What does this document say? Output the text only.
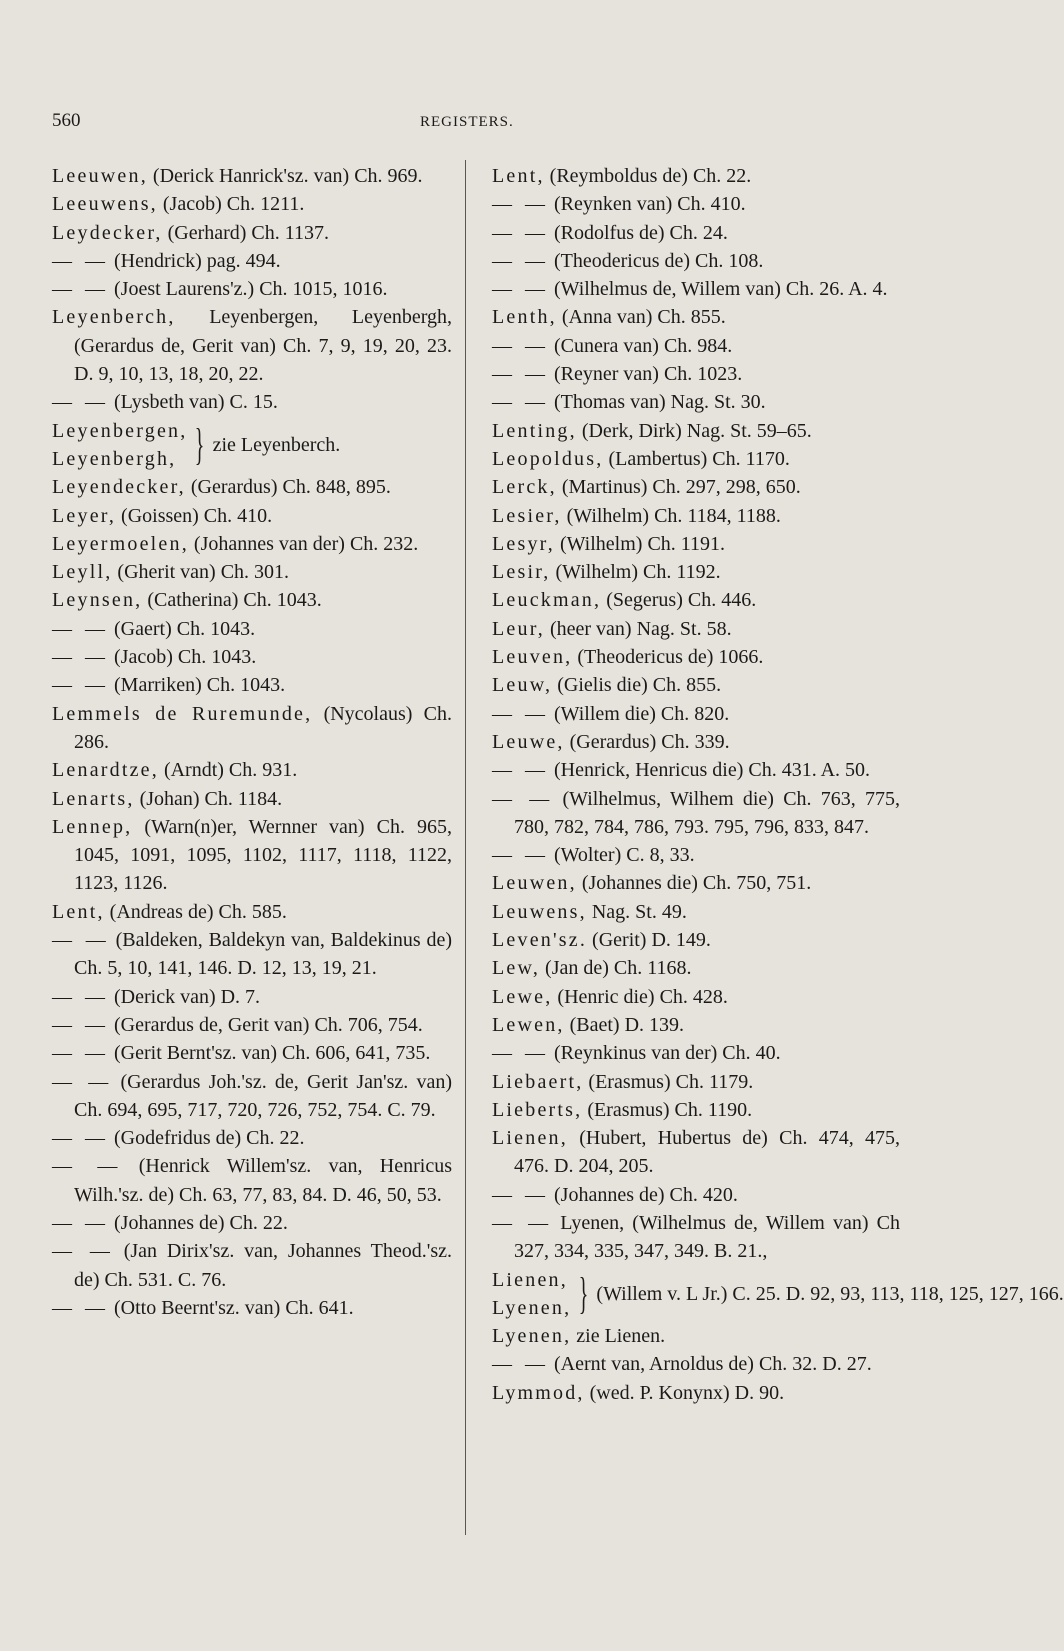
560	REGISTERS.
Leeuwen, (Derick Hanrick'sz. van) Ch. 969.
Leeuwens, (Jacob) Ch. 1211.
Leydecker, (Gerhard) Ch. 1137.
— — (Hendrick) pag. 494.
— — (Joest Laurens'z.) Ch. 1015, 1016.
Leyenberch, Leyenbergen, Leyenbergh, (Gerardus de, Gerit van) Ch. 7, 9, 19, 20, 23. D. 9, 10, 13, 18, 20, 22.
— — (Lysbeth van) C. 15.
Leyenbergen,
Leyenbergh, } zie Leyenberch.
Leyendecker, (Gerardus) Ch. 848, 895.
Leyer, (Goissen) Ch. 410.
Leyermoelen, (Johannes van der) Ch. 232.
Leyll, (Gherit van) Ch. 301.
Leynsen, (Catherina) Ch. 1043.
— — (Gaert) Ch. 1043.
— — (Jacob) Ch. 1043.
— — (Marriken) Ch. 1043.
Lemmels de Ruremunde, (Nycolaus) Ch. 286.
Lenardtze, (Arndt) Ch. 931.
Lenarts, (Johan) Ch. 1184.
Lennep, (Warn(n)er, Wernner van) Ch. 965, 1045, 1091, 1095, 1102, 1117, 1118, 1122, 1123, 1126.
Lent, (Andreas de) Ch. 585.
— — (Baldeken, Baldekyn van, Baldekinus de) Ch. 5, 10, 141, 146. D. 12, 13, 19, 21.
— — (Derick van) D. 7.
— — (Gerardus de, Gerit van) Ch. 706, 754.
— — (Gerit Bernt'sz. van) Ch. 606, 641, 735.
— — (Gerardus Joh.'sz. de, Gerit Jan'sz. van) Ch. 694, 695, 717, 720, 726, 752, 754. C. 79.
— — (Godefridus de) Ch. 22.
— — (Henrick Willem'sz. van, Henricus Wilh.'sz. de) Ch. 63, 77, 83, 84. D. 46, 50, 53.
— — (Johannes de) Ch. 22.
— — (Jan Dirix'sz. van, Johannes Theod.'sz. de) Ch. 531. C. 76.
— — (Otto Beernt'sz. van) Ch. 641.
Lent, (Reymboldus de) Ch. 22.
— — (Reynken van) Ch. 410.
— — (Rodolfus de) Ch. 24.
— — (Theodericus de) Ch. 108.
— — (Wilhelmus de, Willem van) Ch. 26. A. 4.
Lenth, (Anna van) Ch. 855.
— — (Cunera van) Ch. 984.
— — (Reyner van) Ch. 1023.
— — (Thomas van) Nag. St. 30.
Lenting, (Derk, Dirk) Nag. St. 59–65.
Leopoldus, (Lambertus) Ch. 1170.
Lerck, (Martinus) Ch. 297, 298, 650.
Lesier, (Wilhelm) Ch. 1184, 1188.
Lesyr, (Wilhelm) Ch. 1191.
Lesir, (Wilhelm) Ch. 1192.
Leuckman, (Segerus) Ch. 446.
Leur, (heer van) Nag. St. 58.
Leuven, (Theodericus de) 1066.
Leuw, (Gielis die) Ch. 855.
— — (Willem die) Ch. 820.
Leuwe, (Gerardus) Ch. 339.
— — (Henrick, Henricus die) Ch. 431. A. 50.
— — (Wilhelmus, Wilhem die) Ch. 763, 775, 780, 782, 784, 786, 793. 795, 796, 833, 847.
— — (Wolter) C. 8, 33.
Leuwen, (Johannes die) Ch. 750, 751.
Leuwens, Nag. St. 49.
Leven'sz. (Gerit) D. 149.
Lew, (Jan de) Ch. 1168.
Lewe, (Henric die) Ch. 428.
Lewen, (Baet) D. 139.
— — (Reynkinus van der) Ch. 40.
Liebaert, (Erasmus) Ch. 1179.
Lieberts, (Erasmus) Ch. 1190.
Lienen, (Hubert, Hubertus de) Ch. 474, 475, 476. D. 204, 205.
— — (Johannes de) Ch. 420.
— — Lyenen, (Wilhelmus de, Willem van) Ch 327, 334, 335, 347, 349. B. 21.,
Lienen,
Lyenen, } (Willem v. L Jr.) C. 25. D. 92, 93, 113, 118, 125, 127, 166.
Lyenen, zie Lienen.
— — (Aernt van, Arnoldus de) Ch. 32. D. 27.
Lymmod, (wed. P. Konynx) D. 90.
